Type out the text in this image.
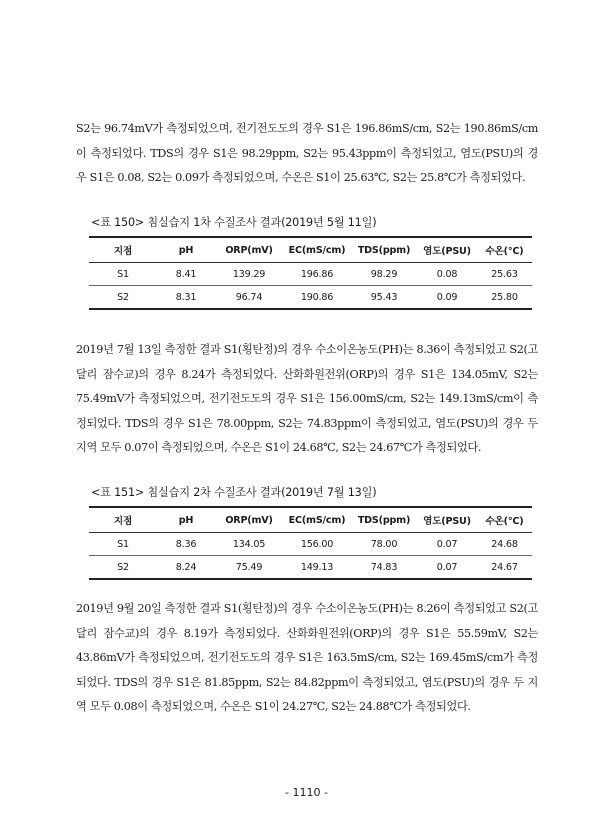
S2는 96.74mV가 측정되었으며, 전기전도도의 경우 S1은 196.86mS/cm, S2는 190.86mS/cm이 측정되었다. TDS의 경우 S1은 98.29ppm, S2는 95.43ppm이 측정되었고, 염도(PSU)의 경우 S1은 0.08, S2는 0.09가 측정되었으며, 수온은 S1이 25.63℃, S2는 25.8℃가 측정되었다.

<표 150> 침실습지 1차 수질조사 결과(2019년 5월 11일)

지점	pH	ORP(mV)	EC(mS/cm)	TDS(ppm)	염도(PSU)	수온(℃)
S1	8.41	139.29	196.86	98.29	0.08	25.63
S2	8.31	96.74	190.86	95.43	0.09	25.80

2019년 7월 13일 측정한 결과 S1(횡탄정)의 경우 수소이온농도(PH)는 8.36이 측정되었고 S2(고달리 잠수교)의 경우 8.24가 측정되었다. 산화화원전위(ORP)의 경우 S1은 134.05mV, S2는 75.49mV가 측정되었으며, 전기전도도의 경우 S1은 156.00mS/cm, S2는 149.13mS/cm이 측정되었다. TDS의 경우 S1은 78.00ppm, S2는 74.83ppm이 측정되었고, 염도(PSU)의 경우 두 지역 모두 0.07이 측정되었으며, 수온은 S1이 24.68℃, S2는 24.67℃가 측정되었다.

<표 151> 침실습지 2차 수질조사 결과(2019년 7월 13일)

지점	pH	ORP(mV)	EC(mS/cm)	TDS(ppm)	염도(PSU)	수온(℃)
S1	8.36	134.05	156.00	78.00	0.07	24.68
S2	8.24	75.49	149.13	74.83	0.07	24.67

2019년 9월 20일 측정한 결과 S1(횡탄정)의 경우 수소이온농도(PH)는 8.26이 측정되었고 S2(고달리 잠수교)의 경우 8.19가 측정되었다. 산화화원전위(ORP)의 경우 S1은 55.59mV, S2는 43.86mV가 측정되었으며, 전기전도도의 경우 S1은 163.5mS/cm, S2는 169.45mS/cm가 측정되었다. TDS의 경우 S1은 81.85ppm, S2는 84.82ppm이 측정되었고, 염도(PSU)의 경우 두 지역 모두 0.08이 측정되었으며, 수온은 S1이 24.27℃, S2는 24.88℃가 측정되었다.

- 1110 -
